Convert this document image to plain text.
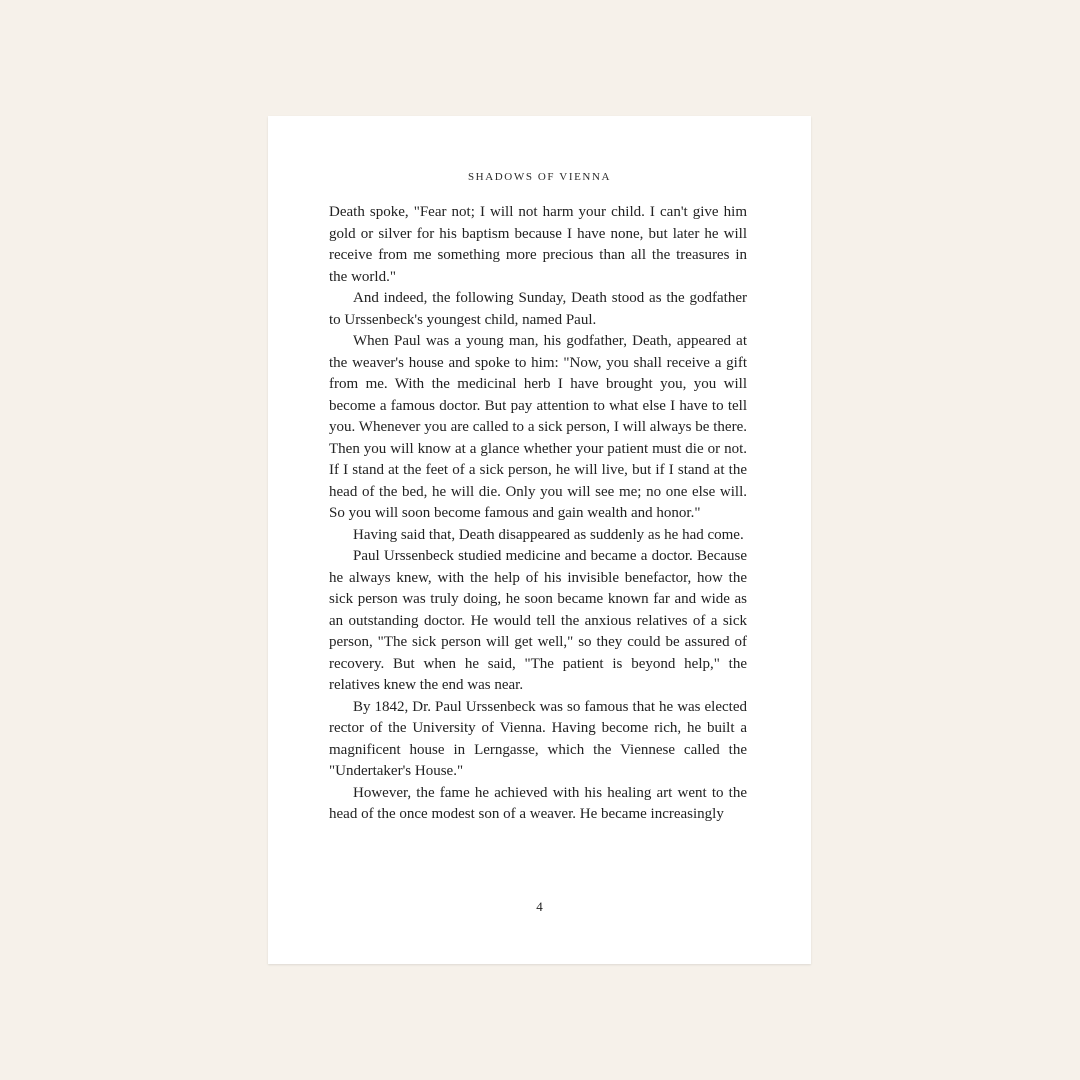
SHADOWS OF VIENNA

Death spoke, "Fear not; I will not harm your child. I can't give him gold or silver for his baptism because I have none, but later he will receive from me something more precious than all the treasures in the world."

And indeed, the following Sunday, Death stood as the godfather to Urssenbeck's youngest child, named Paul.

When Paul was a young man, his godfather, Death, appeared at the weaver's house and spoke to him: "Now, you shall receive a gift from me. With the medicinal herb I have brought you, you will become a famous doctor. But pay attention to what else I have to tell you. Whenever you are called to a sick person, I will always be there. Then you will know at a glance whether your patient must die or not. If I stand at the feet of a sick person, he will live, but if I stand at the head of the bed, he will die. Only you will see me; no one else will. So you will soon become famous and gain wealth and honor."

Having said that, Death disappeared as suddenly as he had come.

Paul Urssenbeck studied medicine and became a doctor. Because he always knew, with the help of his invisible benefactor, how the sick person was truly doing, he soon became known far and wide as an outstanding doctor. He would tell the anxious relatives of a sick person, "The sick person will get well," so they could be assured of recovery. But when he said, "The patient is beyond help," the relatives knew the end was near.

By 1842, Dr. Paul Urssenbeck was so famous that he was elected rector of the University of Vienna. Having become rich, he built a magnificent house in Lerngasse, which the Viennese called the "Undertaker's House."

However, the fame he achieved with his healing art went to the head of the once modest son of a weaver. He became increasingly

4
